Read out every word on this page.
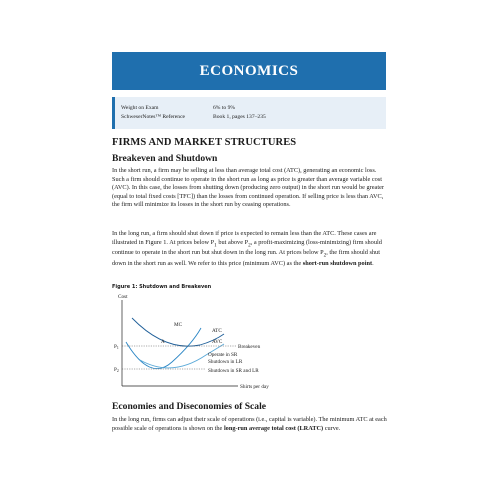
ECONOMICS
Weight on Exam	6% to 9%
SchweserNotes™ Reference	Book 1, pages 137–235
FIRMS AND MARKET STRUCTURES
Breakeven and Shutdown

In the short run, a firm may be selling at less than average total cost (ATC), generating an economic loss. Such a firm should continue to operate in the short run as long as price is greater than average variable cost (AVC). In this case, the losses from shutting down (producing zero output) in the short run would be greater (equal to total fixed costs [TFC]) than the losses from continued operation. If selling price is less than AVC, the firm will minimize its losses in the short run by ceasing operations.

In the long run, a firm should shut down if price is expected to remain less than the ATC. These cases are illustrated in Figure 1. At prices below $P_1$ but above $P_2$, a profit-maximizing (loss-minimizing) firm should continue to operate in the short run but shut down in the long run. At prices below $P_2$, the firm should shut down in the short run as well. We refer to this price (minimum AVC) as the short-run shutdown point.

Figure 1: Shutdown and Breakeven

Cost
Shirts per day
MC
ATC
AVC
$P_1$
$P_2$
A
Breakeven
Operate in SR
Shutdown in LR
Shutdown in SR and LR
Economies and Diseconomies of Scale

In the long run, firms can adjust their scale of operations (i.e., capital is variable). The minimum ATC at each possible scale of operations is shown on the long-run average total cost (LRATC) curve.
